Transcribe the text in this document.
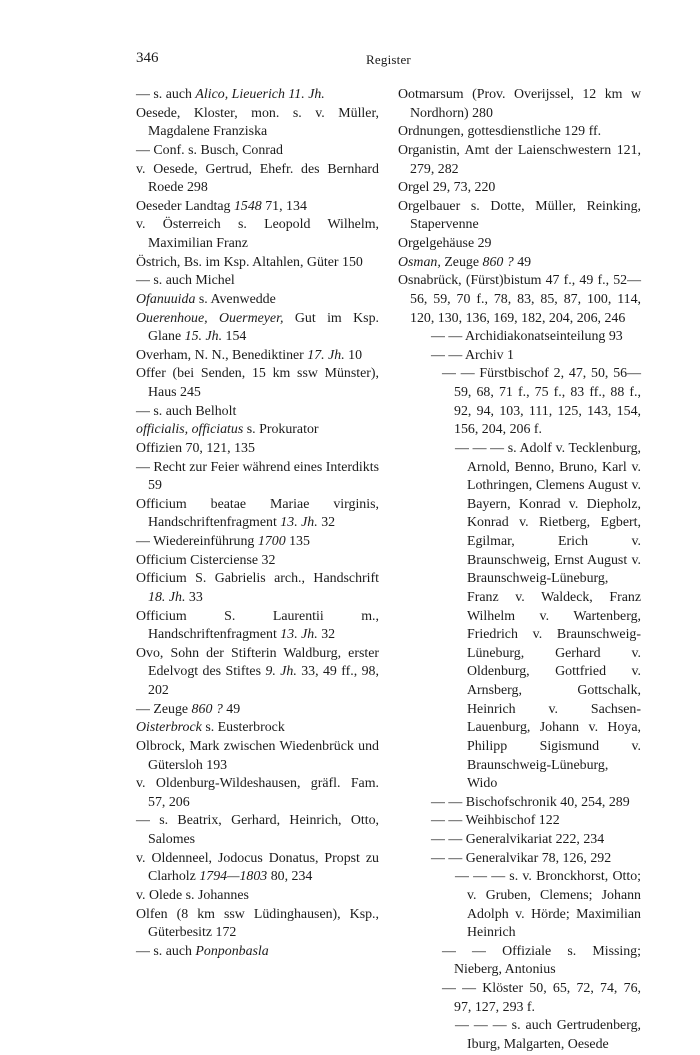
346	Register

— s. auch Alico, Lieuerich 11. Jh.

Oesede, Kloster, mon. s. v. Müller, Magdalene Franziska

— Conf. s. Busch, Conrad

v. Oesede, Gertrud, Ehefr. des Bernhard Roede 298

Oeseder Landtag 1548 71, 134

v. Österreich s. Leopold Wilhelm, Maximilian Franz

Östrich, Bs. im Ksp. Altahlen, Güter 150

— s. auch Michel

Ofanuuida s. Avenwedde

Ouerenhoue, Ouermeyer, Gut im Ksp. Glane 15. Jh. 154

Overham, N. N., Benediktiner 17. Jh. 10

Offer (bei Senden, 15 km ssw Münster), Haus 245

— s. auch Belholt

officialis, officiatus s. Prokurator

Offizien 70, 121, 135

— Recht zur Feier während eines Interdikts 59

Officium beatae Mariae virginis, Handschriftenfragment 13. Jh. 32

— Wiedereinführung 1700 135

Officium Cisterciense 32

Officium S. Gabrielis arch., Handschrift 18. Jh. 33

Officium S. Laurentii m., Handschriftenfragment 13. Jh. 32

Ovo, Sohn der Stifterin Waldburg, erster Edelvogt des Stiftes 9. Jh. 33, 49 ff., 98, 202

— Zeuge 860 ? 49

Oisterbrock s. Eusterbrock

Olbrock, Mark zwischen Wiedenbrück und Gütersloh 193

v. Oldenburg-Wildeshausen, gräfl. Fam. 57, 206

— s. Beatrix, Gerhard, Heinrich, Otto, Salomes

v. Oldenneel, Jodocus Donatus, Propst zu Clarholz 1794—1803 80, 234

v. Olede s. Johannes

Olfen (8 km ssw Lüdinghausen), Ksp., Güterbesitz 172

— s. auch Ponponbasla

Ootmarsum (Prov. Overijssel, 12 km w Nordhorn) 280

Ordnungen, gottesdienstliche 129 ff.

Organistin, Amt der Laienschwestern 121, 279, 282

Orgel 29, 73, 220

Orgelbauer s. Dotte, Müller, Reinking, Stapervenne

Orgelgehäuse 29

Osman, Zeuge 860 ? 49

Osnabrück, (Fürst)bistum 47 f., 49 f., 52—56, 59, 70 f., 78, 83, 85, 87, 100, 114, 120, 130, 136, 169, 182, 204, 206, 246

— — Archidiakonatseinteilung 93

— — Archiv 1

— — Fürstbischof 2, 47, 50, 56—59, 68, 71 f., 75 f., 83 ff., 88 f., 92, 94, 103, 111, 125, 143, 154, 156, 204, 206 f.

— — — s. Adolf v. Tecklenburg, Arnold, Benno, Bruno, Karl v. Lothringen, Clemens August v. Bayern, Konrad v. Diepholz, Konrad v. Rietberg, Egbert, Egilmar, Erich v. Braunschweig, Ernst August v. Braunschweig-Lüneburg, Franz v. Waldeck, Franz Wilhelm v. Wartenberg, Friedrich v. Braunschweig-Lüneburg, Gerhard v. Oldenburg, Gottfried v. Arnsberg, Gottschalk, Heinrich v. Sachsen-Lauenburg, Johann v. Hoya, Philipp Sigismund v. Braunschweig-Lüneburg, Wido

— — Bischofschronik 40, 254, 289

— — Weihbischof 122

— — Generalvikariat 222, 234

— — Generalvikar 78, 126, 292

— — — s. v. Bronckhorst, Otto; v. Gruben, Clemens; Johann Adolph v. Hörde; Maximilian Heinrich

— — Offiziale s. Missing; Nieberg, Antonius

— — Klöster 50, 65, 72, 74, 76, 97, 127, 293 f.

— — — s. auch Gertrudenberg, Iburg, Malgarten, Oesede
